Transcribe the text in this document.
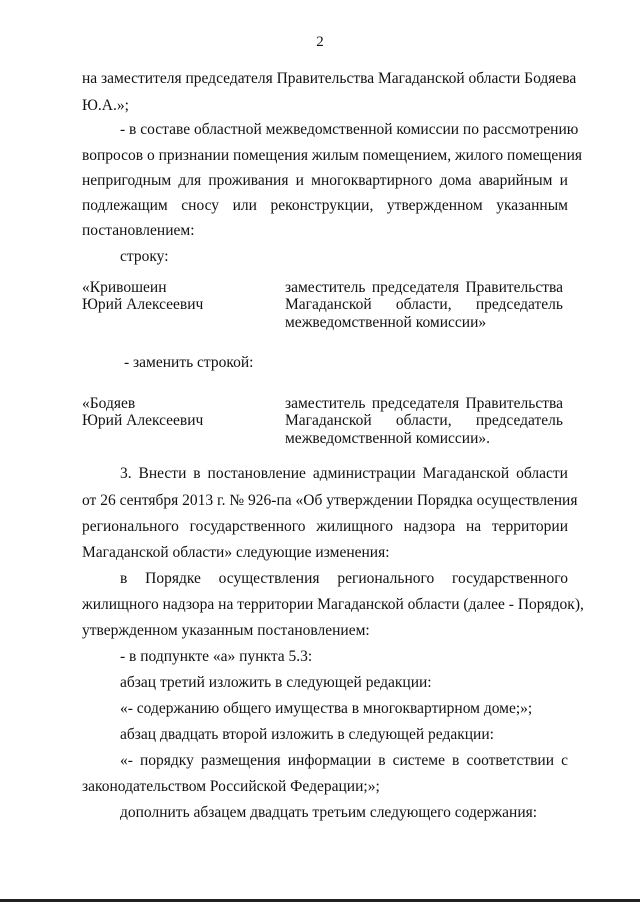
2
на заместителя председателя Правительства Магаданской области Бодяева
Ю.А.»;
- в составе областной межведомственной комиссии по рассмотрению
вопросов о признании помещения жилым помещением, жилого помещения
непригодным для проживания и многоквартирного дома аварийным и
подлежащим сносу или реконструкции, утвержденном указанным
постановлением:
строку:
«Кривошеин
Юрий Алексеевич
заместитель председателя Правительства
Магаданской области, председатель
межведомственной комиссии»
- заменить строкой:
«Бодяев
Юрий Алексеевич
заместитель председателя Правительства
Магаданской области, председатель
межведомственной комиссии».
3. Внести в постановление администрации Магаданской области
от 26 сентября 2013 г. № 926-па «Об утверждении Порядка осуществления
регионального государственного жилищного надзора на территории
Магаданской области» следующие изменения:
в Порядке осуществления регионального государственного
жилищного надзора на территории Магаданской области (далее - Порядок),
утвержденном указанным постановлением:
- в подпункте «а» пункта 5.3:
абзац третий изложить в следующей редакции:
«- содержанию общего имущества в многоквартирном доме;»;
абзац двадцать второй изложить в следующей редакции:
«- порядку размещения информации в системе в соответствии с
законодательством Российской Федерации;»;
дополнить абзацем двадцать третьим следующего содержания:
